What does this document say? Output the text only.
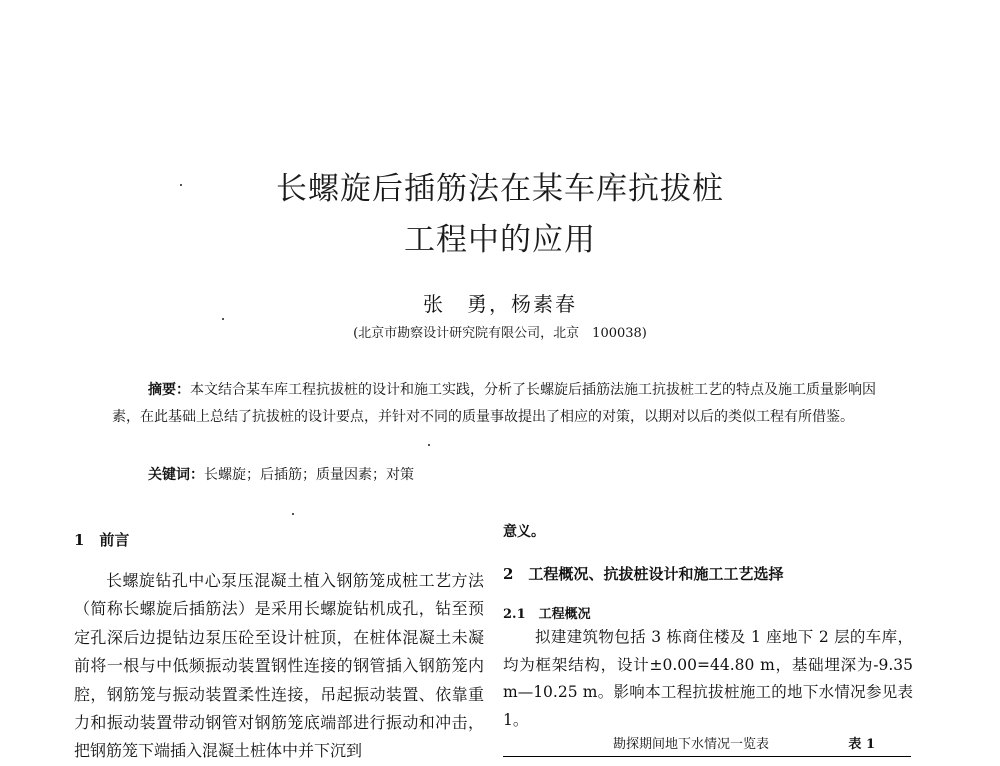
长螺旋后插筋法在某车库抗拔桩
工程中的应用
张　勇，杨素春
(北京市勘察设计研究院有限公司，北京　100038)
摘要：本文结合某车库工程抗拔桩的设计和施工实践，分析了长螺旋后插筋法施工抗拔桩工艺的特点及施工质量影响因素，在此基础上总结了抗拔桩的设计要点，并针对不同的质量事故提出了相应的对策，以期对以后的类似工程有所借鉴。
关键词：长螺旋；后插筋；质量因素；对策
1　前言
长螺旋钻孔中心泵压混凝土植入钢筋笼成桩工艺方法（简称长螺旋后插筋法）是采用长螺旋钻机成孔，钻至预定孔深后边提钻边泵压砼至设计桩顶，在桩体混凝土未凝前将一根与中低频振动装置钢性连接的钢管插入钢筋笼内腔，钢筋笼与振动装置柔性连接，吊起振动装置、依靠重力和振动装置带动钢管对钢筋笼底端部进行振动和冲击，把钢筋笼下端插入混凝土桩体中并下沉到
意义。
2　工程概况、抗拔桩设计和施工工艺选择
2.1　工程概况
拟建建筑物包括 3 栋商住楼及 1 座地下 2 层的车库，均为框架结构，设计±0.00=44.80 m，基础埋深为-9.35 m—10.25 m。影响本工程抗拔桩施工的地下水情况参见表 1。
勘探期间地下水情况一览表	表 1
